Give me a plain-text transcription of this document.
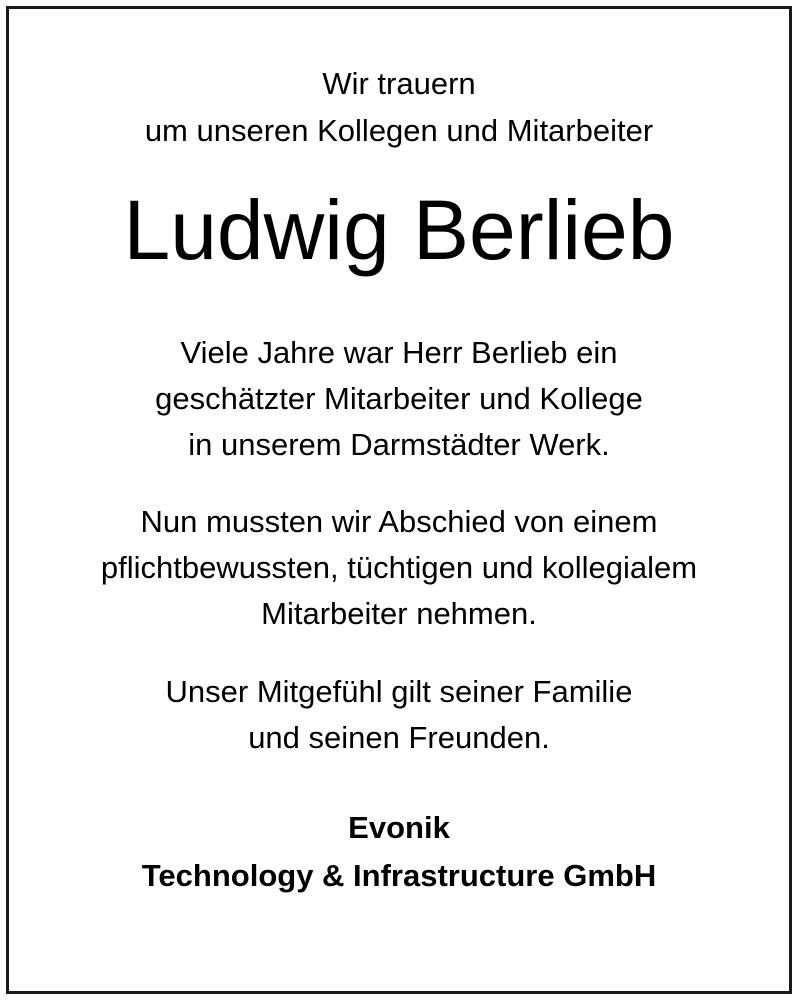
Wir trauern
um unseren Kollegen und Mitarbeiter
Ludwig Berlieb
Viele Jahre war Herr Berlieb ein
geschätzter Mitarbeiter und Kollege
in unserem Darmstädter Werk.
Nun mussten wir Abschied von einem
pflichtbewussten, tüchtigen und kollegialem
Mitarbeiter nehmen.
Unser Mitgefühl gilt seiner Familie
und seinen Freunden.
Evonik
Technology & Infrastructure GmbH
